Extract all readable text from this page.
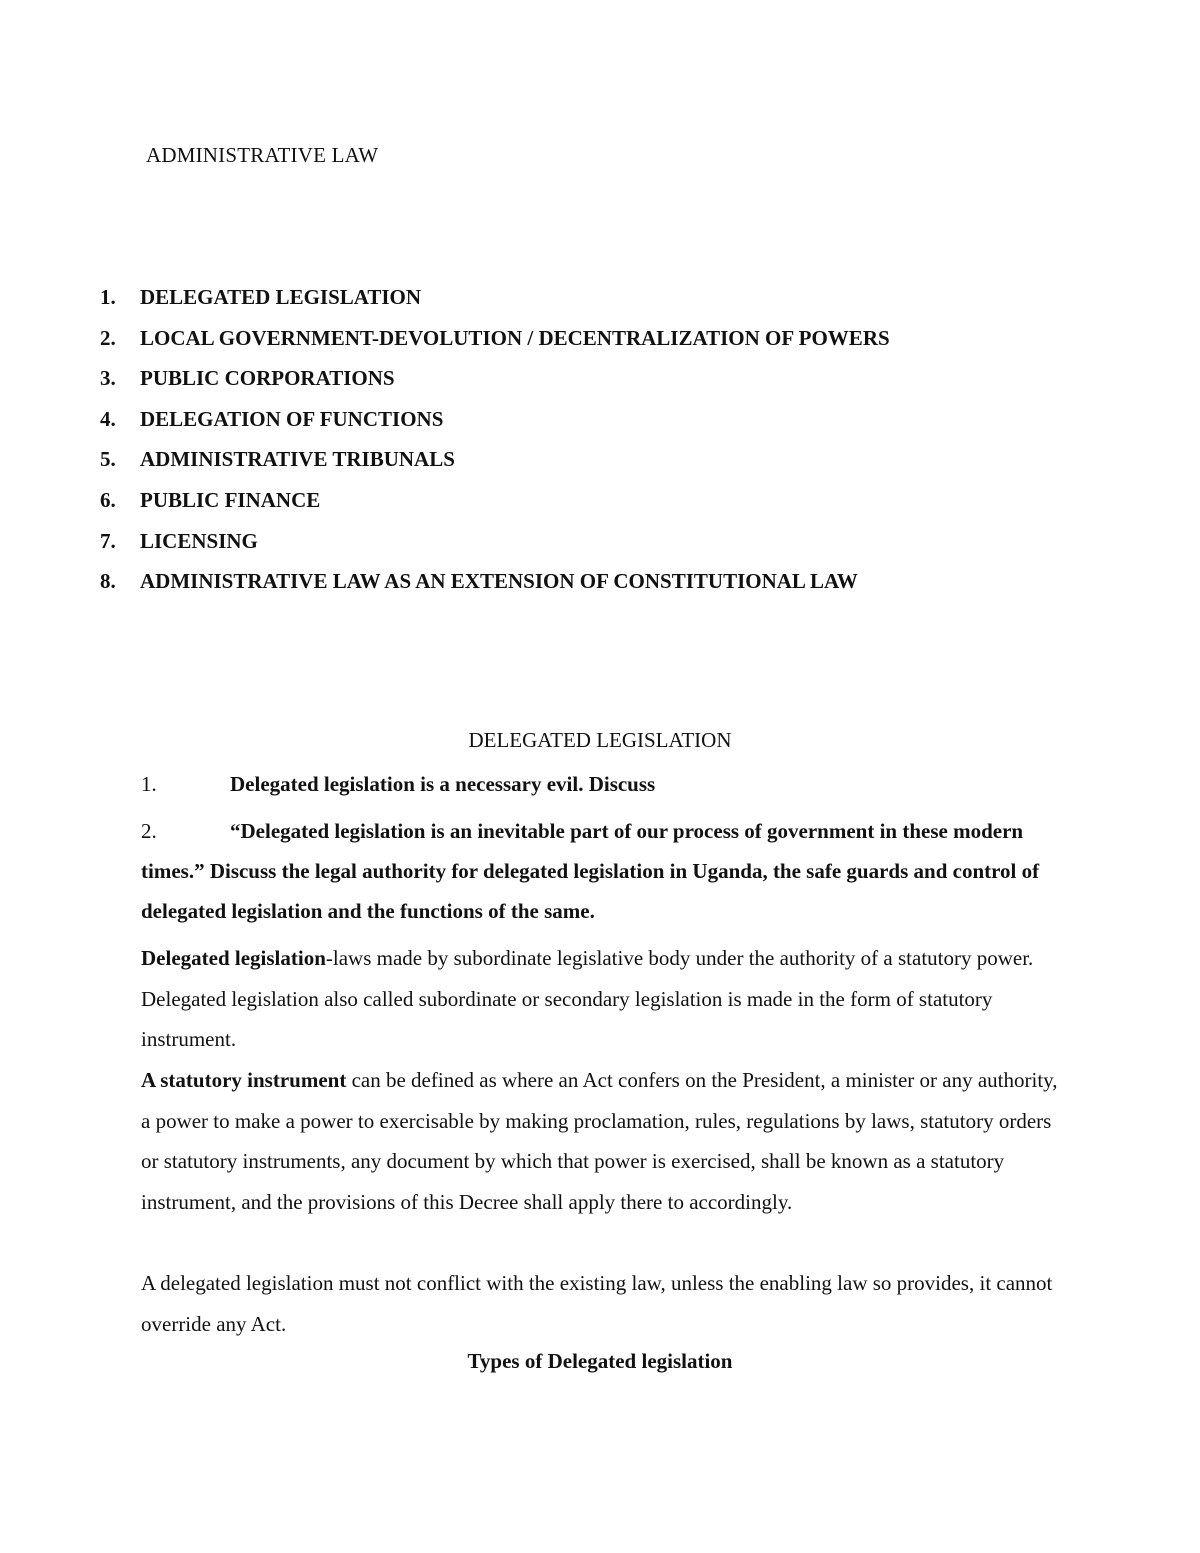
ADMINISTRATIVE LAW
1. DELEGATED LEGISLATION
2. LOCAL GOVERNMENT-DEVOLUTION / DECENTRALIZATION OF POWERS
3. PUBLIC CORPORATIONS
4. DELEGATION OF FUNCTIONS
5. ADMINISTRATIVE TRIBUNALS
6. PUBLIC FINANCE
7. LICENSING
8. ADMINISTRATIVE LAW AS AN EXTENSION OF CONSTITUTIONAL LAW
DELEGATED LEGISLATION
1.	Delegated legislation is a necessary evil. Discuss
2.	“Delegated legislation is an inevitable part of our process of government in these modern times.” Discuss the legal authority for delegated legislation in Uganda, the safe guards and control of delegated legislation and the functions of the same.
Delegated legislation-laws made by subordinate legislative body under the authority of a statutory power. Delegated legislation also called subordinate or secondary legislation is made in the form of statutory instrument.
A statutory instrument can be defined as where an Act confers on the President, a minister or any authority, a power to make a power to exercisable by making proclamation, rules, regulations by laws, statutory orders or statutory instruments, any document by which that power is exercised, shall be known as a statutory instrument, and the provisions of this Decree shall apply there to accordingly.
A delegated legislation must not conflict with the existing law, unless the enabling law so provides, it cannot override any Act.
Types of Delegated legislation
